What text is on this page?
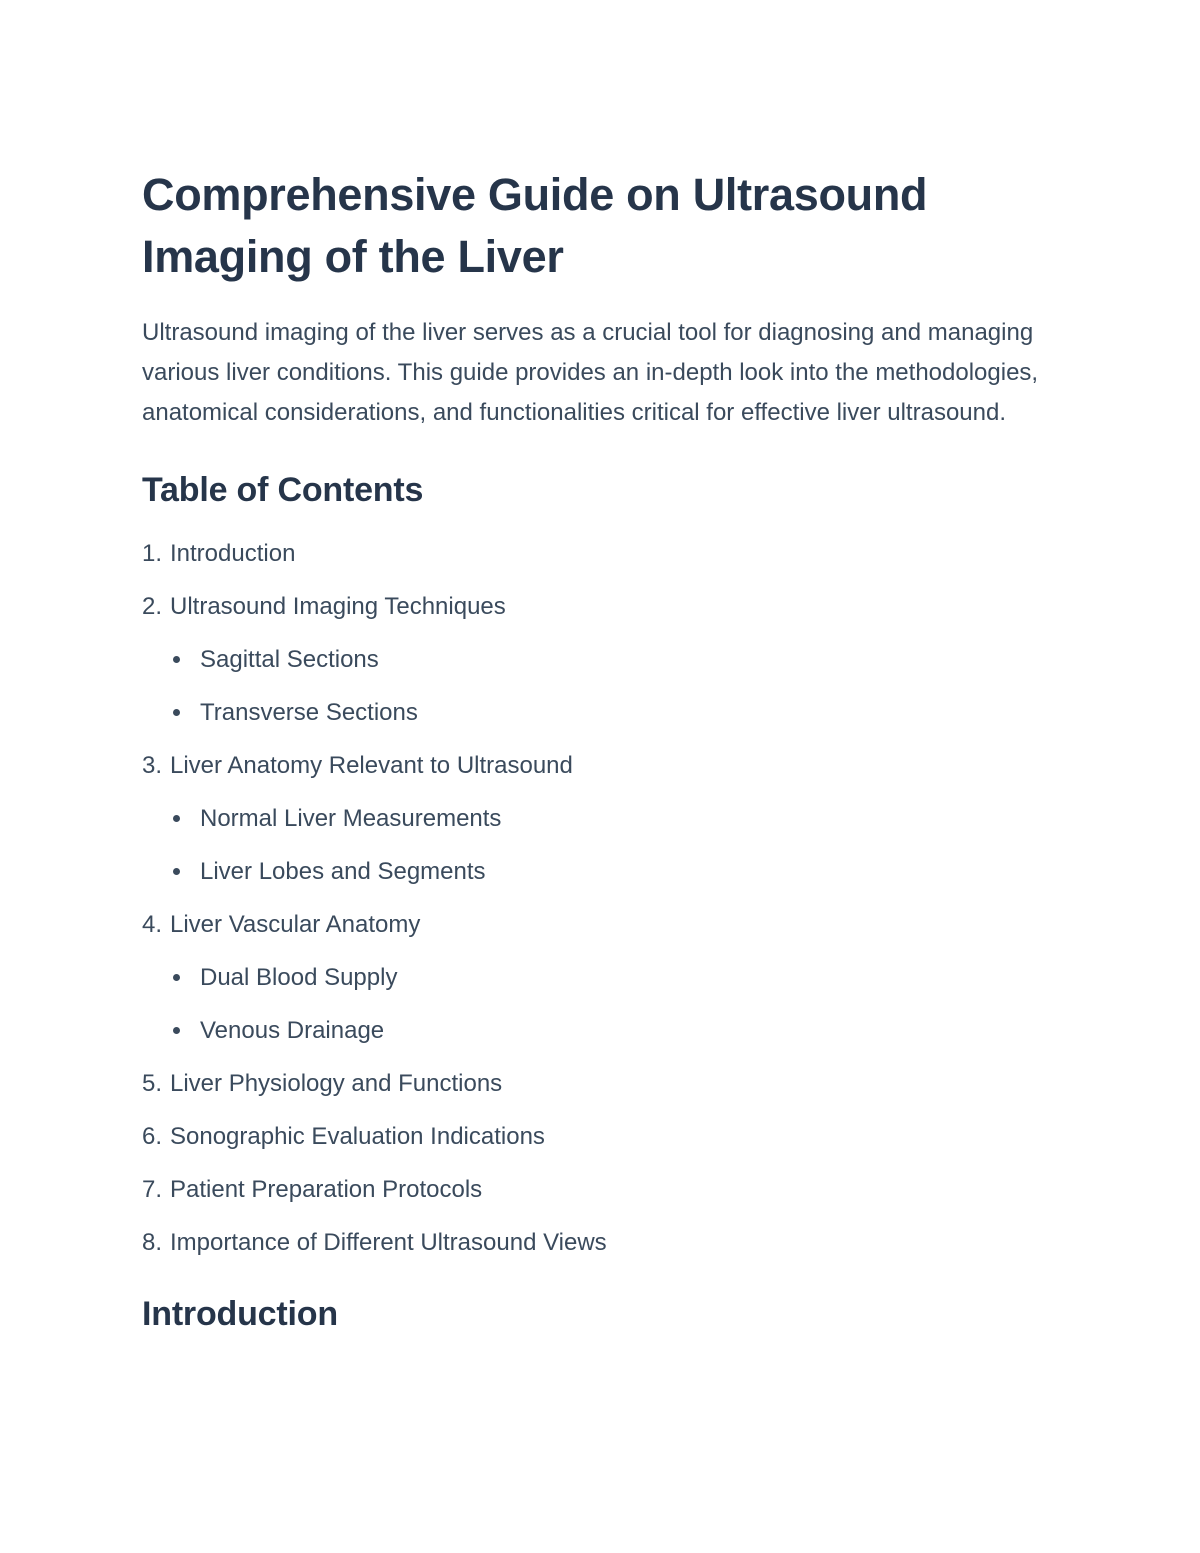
Comprehensive Guide on Ultrasound Imaging of the Liver

Ultrasound imaging of the liver serves as a crucial tool for diagnosing and managing various liver conditions. This guide provides an in-depth look into the methodologies, anatomical considerations, and functionalities critical for effective liver ultrasound.

Table of Contents
1. Introduction
2. Ultrasound Imaging Techniques
Sagittal Sections
Transverse Sections
3. Liver Anatomy Relevant to Ultrasound
Normal Liver Measurements
Liver Lobes and Segments
4. Liver Vascular Anatomy
Dual Blood Supply
Venous Drainage
5. Liver Physiology and Functions
6. Sonographic Evaluation Indications
7. Patient Preparation Protocols
8. Importance of Different Ultrasound Views
Introduction
